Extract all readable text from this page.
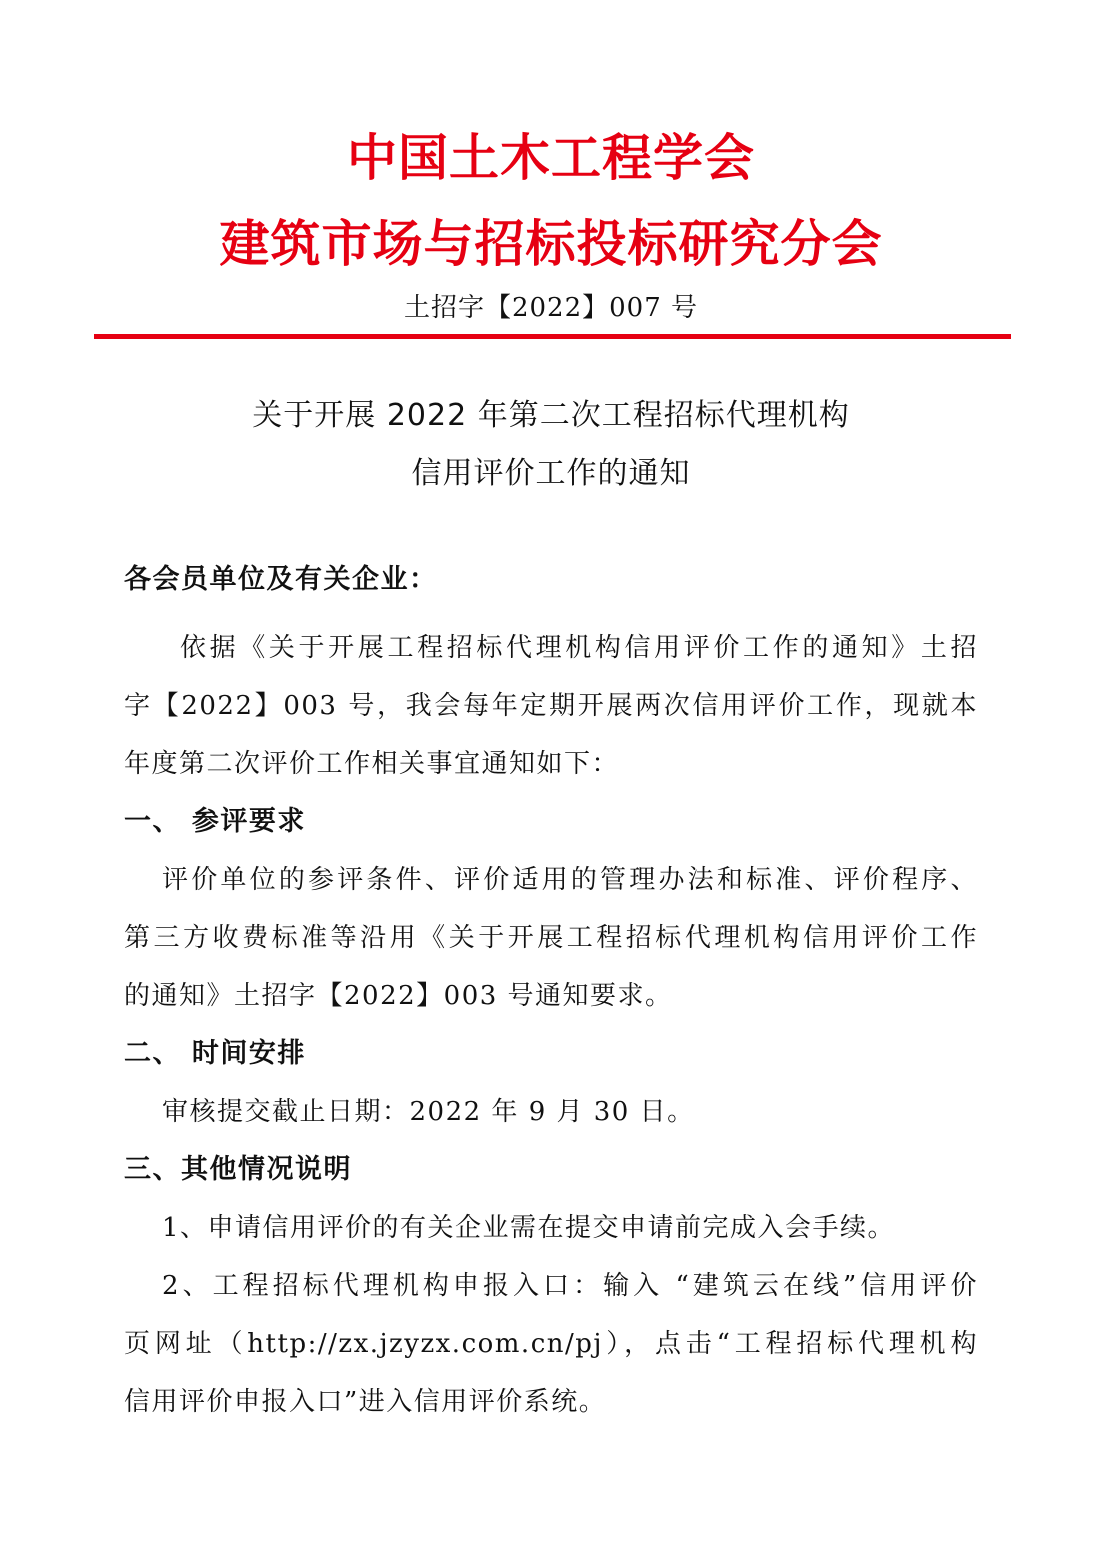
中国土木工程学会
建筑市场与招标投标研究分会
土招字【2022】007 号
关于开展 2022 年第二次工程招标代理机构
信用评价工作的通知
各会员单位及有关企业：
依据《关于开展工程招标代理机构信用评价工作的通知》土招
字【2022】003 号，我会每年定期开展两次信用评价工作，现就本
年度第二次评价工作相关事宜通知如下：
一、 参评要求
评价单位的参评条件、评价适用的管理办法和标准、评价程序、
第三方收费标准等沿用《关于开展工程招标代理机构信用评价工作
的通知》土招字【2022】003 号通知要求。
二、 时间安排
审核提交截止日期：2022 年 9 月 30 日。
三、其他情况说明
1、申请信用评价的有关企业需在提交申请前完成入会手续。
2、工程招标代理机构申报入口：输入 “建筑云在线”信用评价
页网址（http://zx.jzyzx.com.cn/pj），点击“工程招标代理机构
信用评价申报入口”进入信用评价系统。
